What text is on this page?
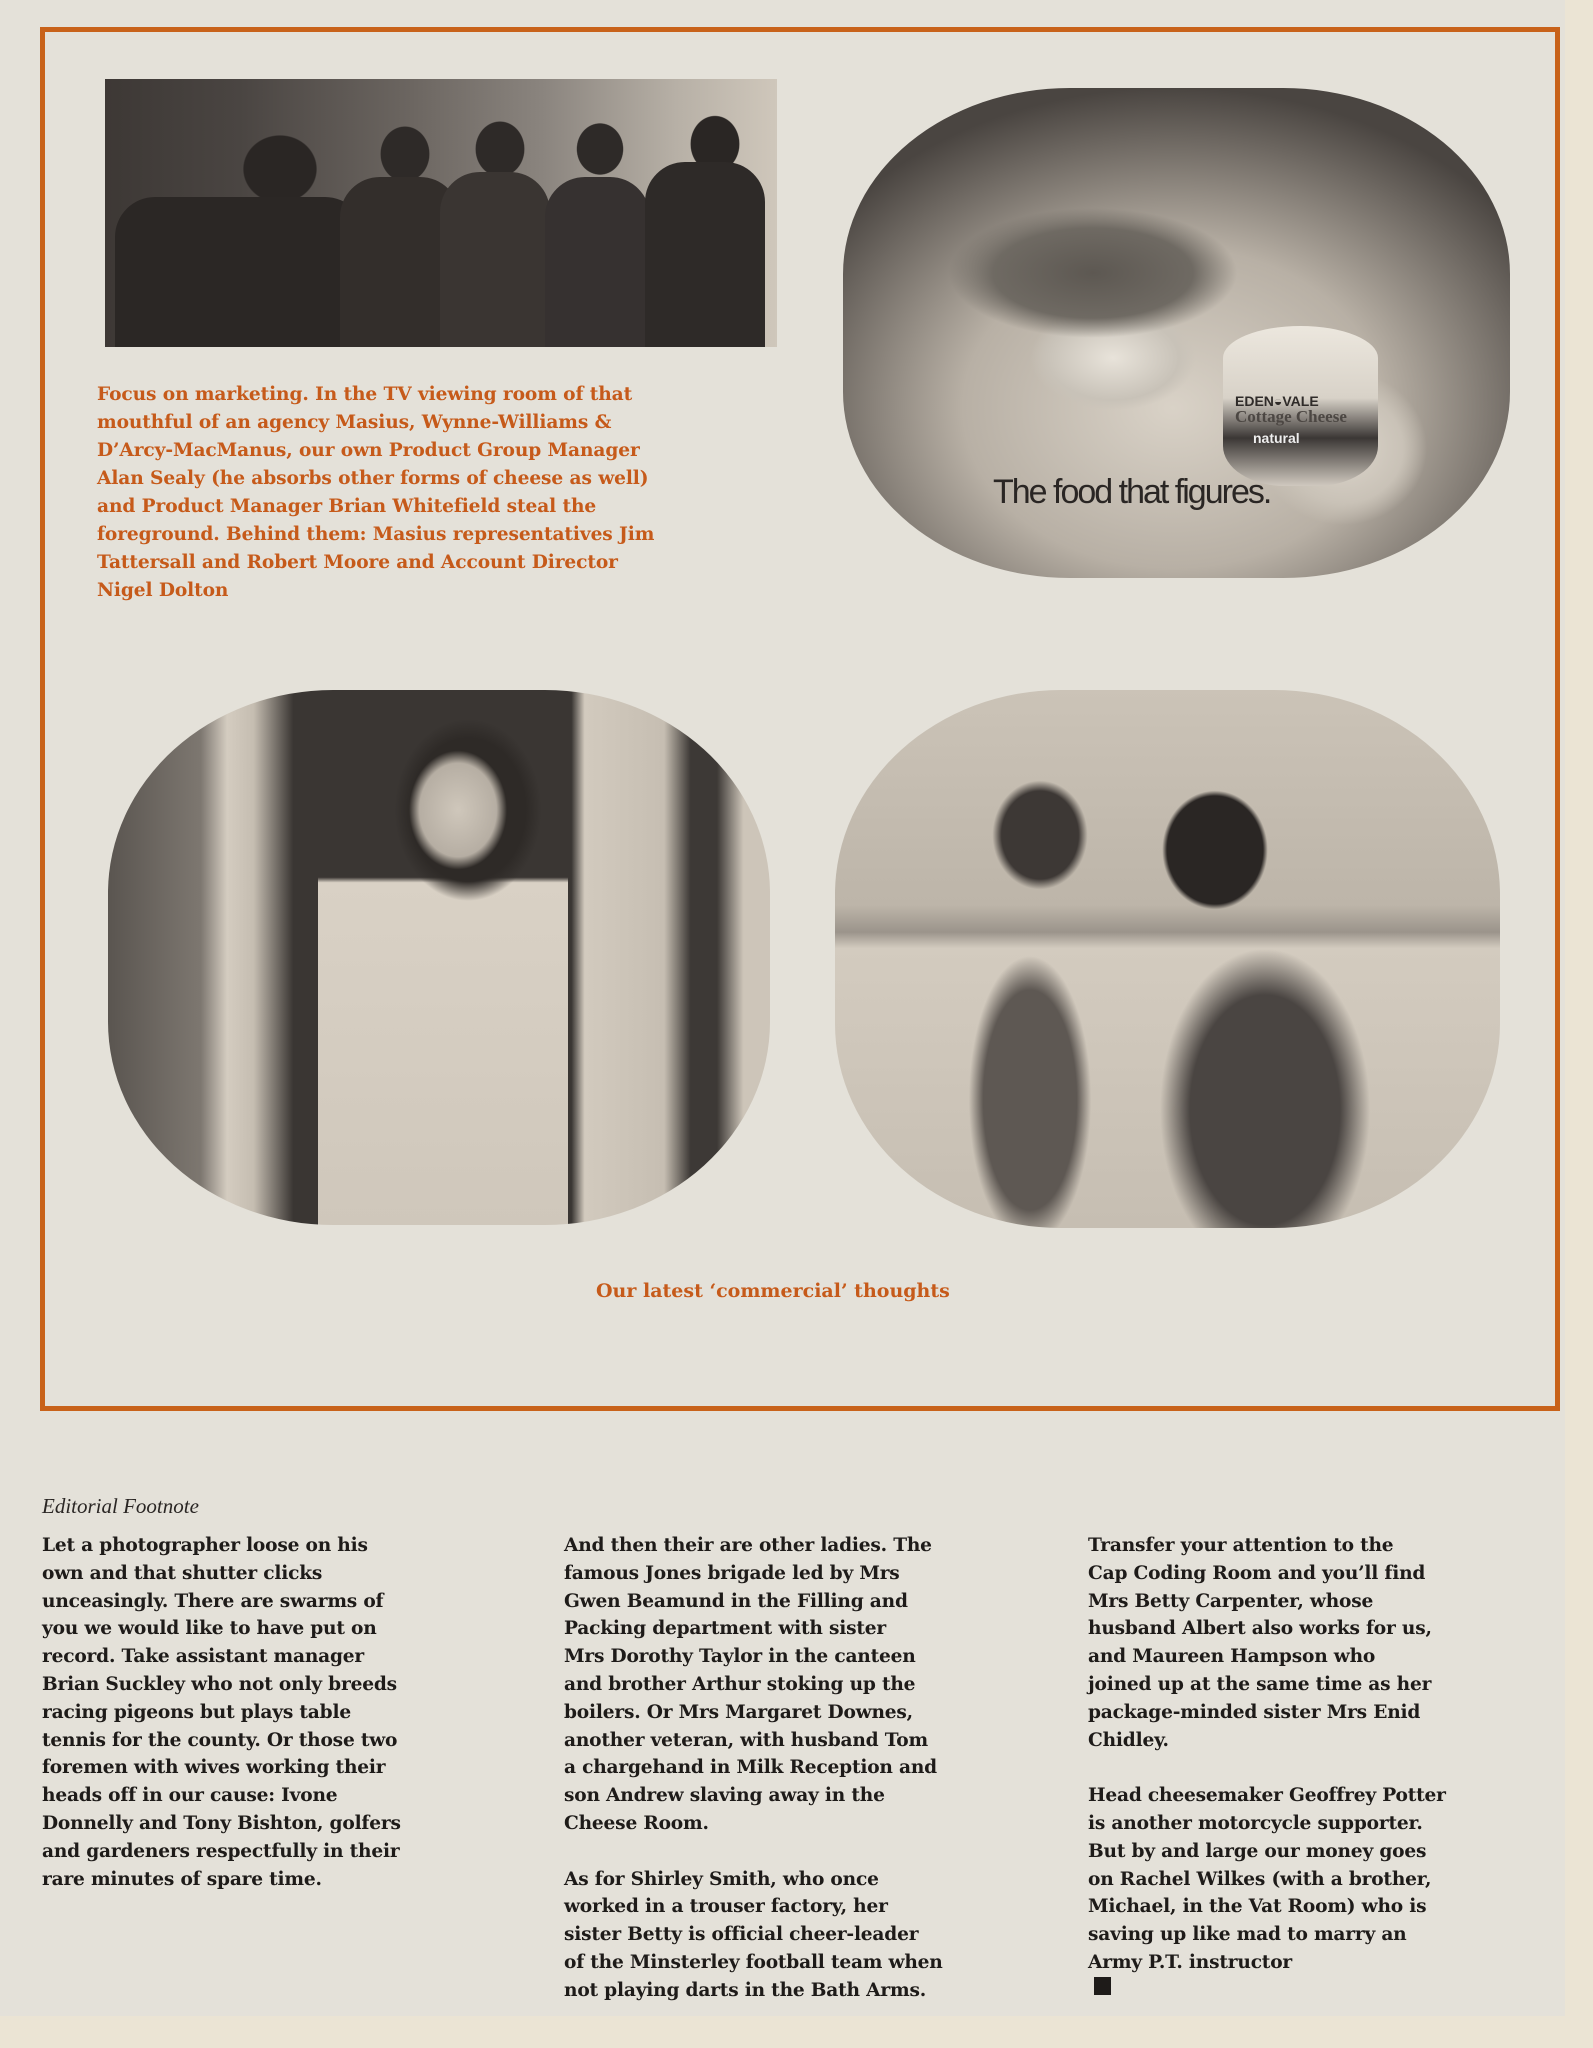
EDEN◒VALE
Cottage Cheese
natural
The food that figures.
Focus on marketing. In the TV viewing room of that
mouthful of an agency Masius, Wynne-Williams &
D’Arcy-MacManus, our own Product Group Manager
Alan Sealy (he absorbs other forms of cheese as well)
and Product Manager Brian Whitefield steal the
foreground. Behind them: Masius representatives Jim
Tattersall and Robert Moore and Account Director
Nigel Dolton
Our latest ‘commercial’ thoughts
Editorial Footnote

Let a photographer loose on his
own and that shutter clicks
unceasingly. There are swarms of
you we would like to have put on
record. Take assistant manager
Brian Suckley who not only breeds
racing pigeons but plays table
tennis for the county. Or those two
foremen with wives working their
heads off in our cause: Ivone
Donnelly and Tony Bishton, golfers
and gardeners respectfully in their
rare minutes of spare time.

And then their are other ladies. The
famous Jones brigade led by Mrs
Gwen Beamund in the Filling and
Packing department with sister
Mrs Dorothy Taylor in the canteen
and brother Arthur stoking up the
boilers. Or Mrs Margaret Downes,
another veteran, with husband Tom
a chargehand in Milk Reception and
son Andrew slaving away in the
Cheese Room.

As for Shirley Smith, who once
worked in a trouser factory, her
sister Betty is official cheer-leader
of the Minsterley football team when
not playing darts in the Bath Arms.

Transfer your attention to the
Cap Coding Room and you’ll find
Mrs Betty Carpenter, whose
husband Albert also works for us,
and Maureen Hampson who
joined up at the same time as her
package-minded sister Mrs Enid
Chidley.

Head cheesemaker Geoffrey Potter
is another motorcycle supporter.
But by and large our money goes
on Rachel Wilkes (with a brother,
Michael, in the Vat Room) who is
saving up like mad to marry an
Army P.T. instructor
